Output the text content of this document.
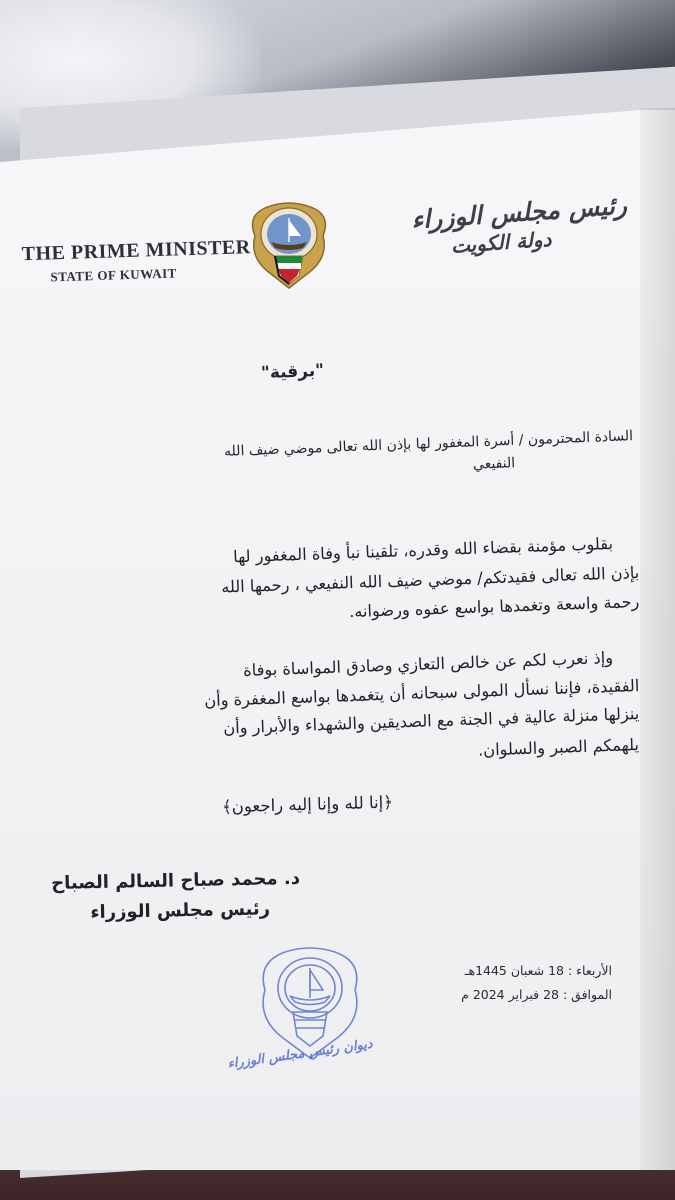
THE PRIME MINISTER
STATE OF KUWAIT
رئيس مجلس الوزراء
دولة الكويت
"برقية"
السادة المحترمون / أسرة المغفور لها بإذن الله تعالى موضي ضيف الله
النفيعي
بقلوب مؤمنة بقضاء الله وقدره، تلقينا نبأ وفاة المغفور لها
بإذن الله تعالى فقيدتكم/ موضي ضيف الله النفيعي ، رحمها الله
رحمة واسعة وتغمدها بواسع عفوه ورضوانه.
وإذ نعرب لكم عن خالص التعازي وصادق المواساة بوفاة
الفقيدة، فإننا نسأل المولى سبحانه أن يتغمدها بواسع المغفرة وأن
ينزلها منزلة عالية في الجنة مع الصديقين والشهداء والأبرار وأن
يلهمكم الصبر والسلوان.
﴿إنا لله وإنا إليه راجعون﴾
د. محمد صباح السالم الصباح
رئيس مجلس الوزراء
الأربعاء : 18 شعبان 1445هـ
الموافق : 28 فبراير 2024 م
ديوان رئيس مجلس الوزراء
